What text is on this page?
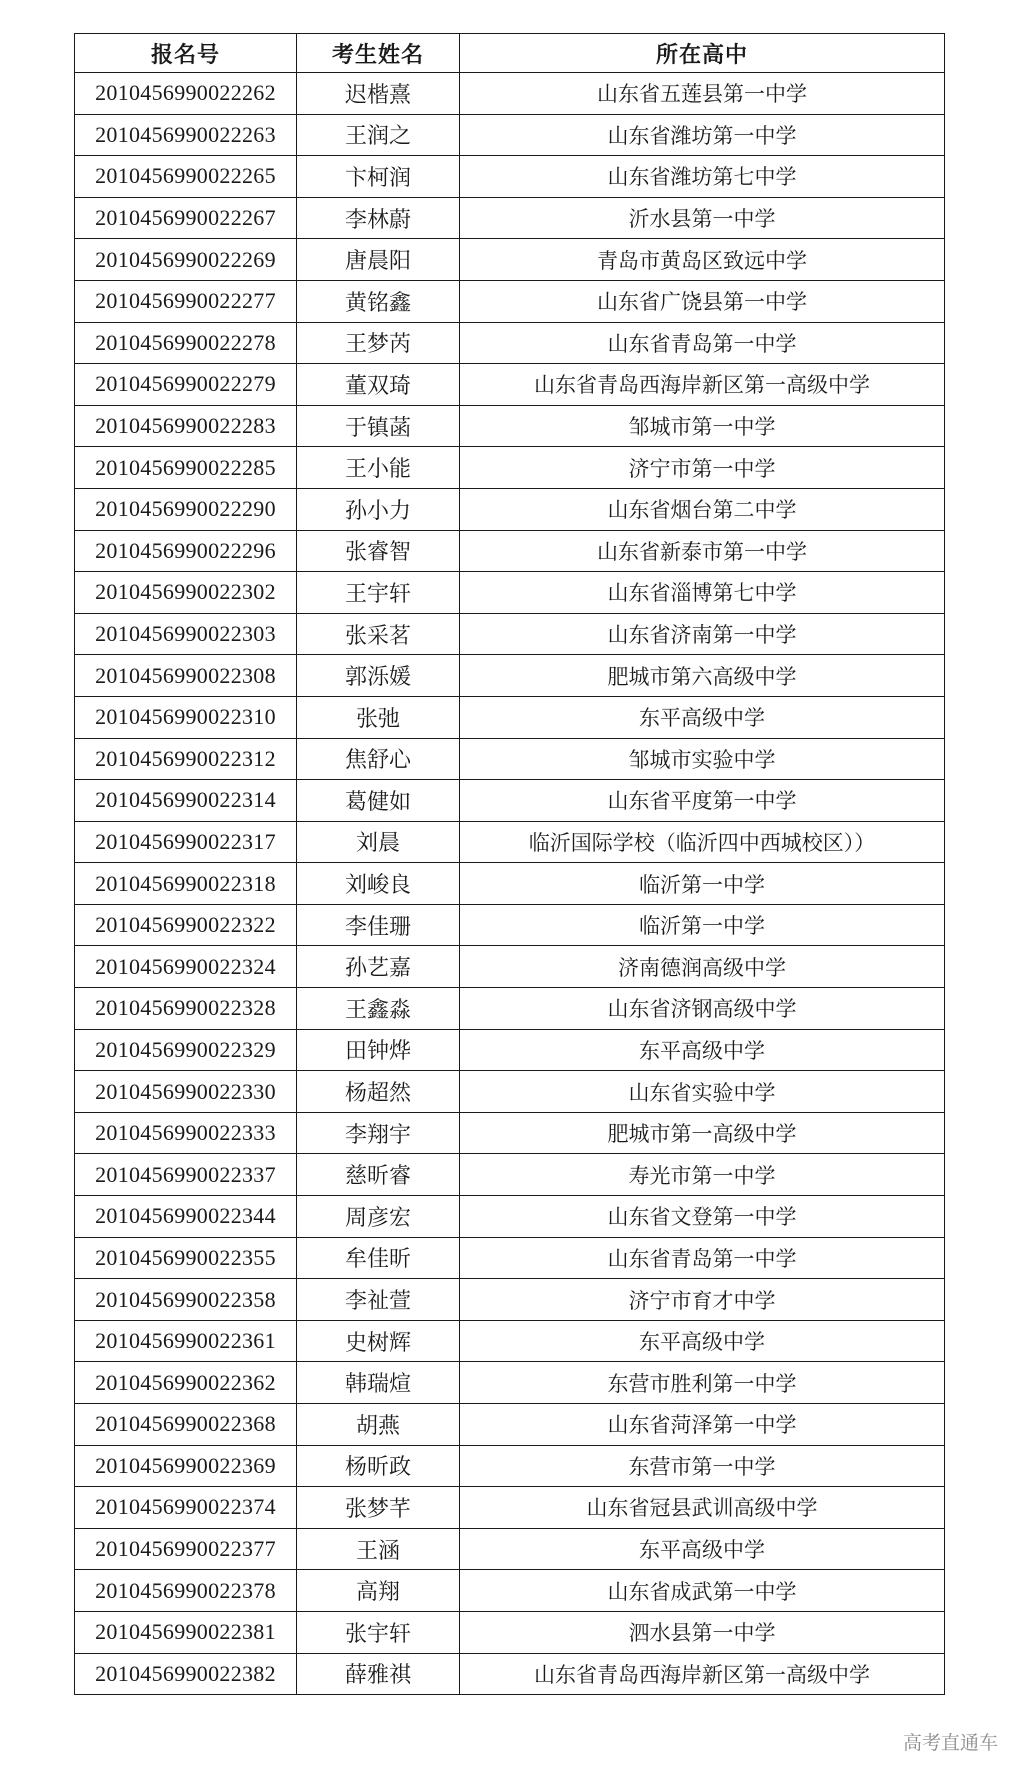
报名号	考生姓名	所在高中
2010456990022262	迟楷熹	山东省五莲县第一中学
2010456990022263	王润之	山东省潍坊第一中学
2010456990022265	卞柯润	山东省潍坊第七中学
2010456990022267	李林蔚	沂水县第一中学
2010456990022269	唐晨阳	青岛市黄岛区致远中学
2010456990022277	黄铭鑫	山东省广饶县第一中学
2010456990022278	王梦芮	山东省青岛第一中学
2010456990022279	董双琦	山东省青岛西海岸新区第一高级中学
2010456990022283	于镇菡	邹城市第一中学
2010456990022285	王小能	济宁市第一中学
2010456990022290	孙小力	山东省烟台第二中学
2010456990022296	张睿智	山东省新泰市第一中学
2010456990022302	王宇轩	山东省淄博第七中学
2010456990022303	张采茗	山东省济南第一中学
2010456990022308	郭泺媛	肥城市第六高级中学
2010456990022310	张弛	东平高级中学
2010456990022312	焦舒心	邹城市实验中学
2010456990022314	葛健如	山东省平度第一中学
2010456990022317	刘晨	临沂国际学校（临沂四中西城校区））
2010456990022318	刘峻良	临沂第一中学
2010456990022322	李佳珊	临沂第一中学
2010456990022324	孙艺嘉	济南德润高级中学
2010456990022328	王鑫淼	山东省济钢高级中学
2010456990022329	田钟烨	东平高级中学
2010456990022330	杨超然	山东省实验中学
2010456990022333	李翔宇	肥城市第一高级中学
2010456990022337	慈昕睿	寿光市第一中学
2010456990022344	周彦宏	山东省文登第一中学
2010456990022355	牟佳昕	山东省青岛第一中学
2010456990022358	李祉萱	济宁市育才中学
2010456990022361	史树辉	东平高级中学
2010456990022362	韩瑞煊	东营市胜利第一中学
2010456990022368	胡燕	山东省菏泽第一中学
2010456990022369	杨昕政	东营市第一中学
2010456990022374	张梦芊	山东省冠县武训高级中学
2010456990022377	王涵	东平高级中学
2010456990022378	高翔	山东省成武第一中学
2010456990022381	张宇轩	泗水县第一中学
2010456990022382	薛雅祺	山东省青岛西海岸新区第一高级中学
高考直通车
